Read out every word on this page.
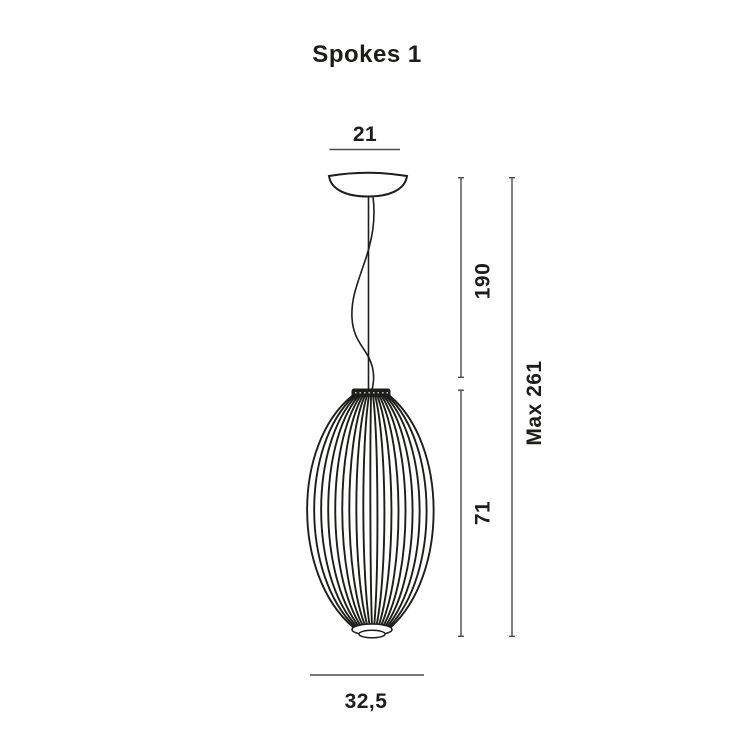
Spokes 1
21
190
71
Max 261
32,5
